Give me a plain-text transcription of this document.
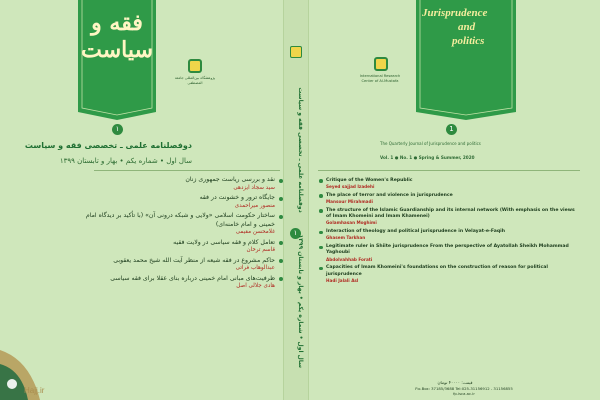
فقه و سیاست
۱
پژوهشگاه بین‌المللی جامعة المصطفی
Jurisprudence
and
politics
1
International Research Center of Al-Mustafa
دوفصلنامه علمی ـ تخصصی فقه و سیاست
سال اول • شماره یکم • بهار و تابستان ۱۳۹۹
The Quarterly Journal of Jurisprudence and politics
Vol. 1 ● No. 1 ● Spring & Summer, 2020
نقد و بررسی ریاست جمهوری زنان
سید سجاد ایزدهی
جایگاه ترور و خشونت در فقه
منصور میراحمدی
ساختار حکومت اسلامی «ولایی و شبکه درونی آن» (با تأکید بر دیدگاه امام خمینی و امام خامنه‌ای)
غلامحسن مقیمی
تعامل کلام و فقه سیاسی در ولایت فقیه
قاسم ترخان
حاکم مشروع در فقه شیعه از منظر آیت الله شیخ محمد یعقوبی
عبدالوهاب فراتی
ظرفیت‌های مبانی امام خمینی درباره بنای عقلا برای فقه سیاسی
هادی جلالی اصل
Critique of the Women's Republic
Seyed sajjad Izadehi
The place of terror and violence in jurisprudence
Mansour Mirahmadi
The structure of the Islamic Guardianship and its internal network (With emphasis on the views of Imam Khomeini and Imam Khamenei)
Golamhasan Moghimi
Interaction of theology and political jurisprudence in Velayat-e-Faqih
Ghasem Tarkhan
Legitimate ruler in Shiite jurisprudence From the perspective of Ayatollah Sheikh Mohammad Yaghoubi
Abdolvahhab Forati
Capacities of Imam Khomeini's foundations on the construction of reason for political jurisprudence
Hadi Jalali Asl
دوفصلنامه علمی ـ تخصصی فقه و سیاست
۱
سال اول • شماره یکم • بهار و تابستان ۱۳۹۹
قیمت: ۴۰۰۰۰ تومان
P.o.Box: 37185/3688 Tel:025-31156912 - 31156855
fp.isca.ac.ir
Hajj.ir
